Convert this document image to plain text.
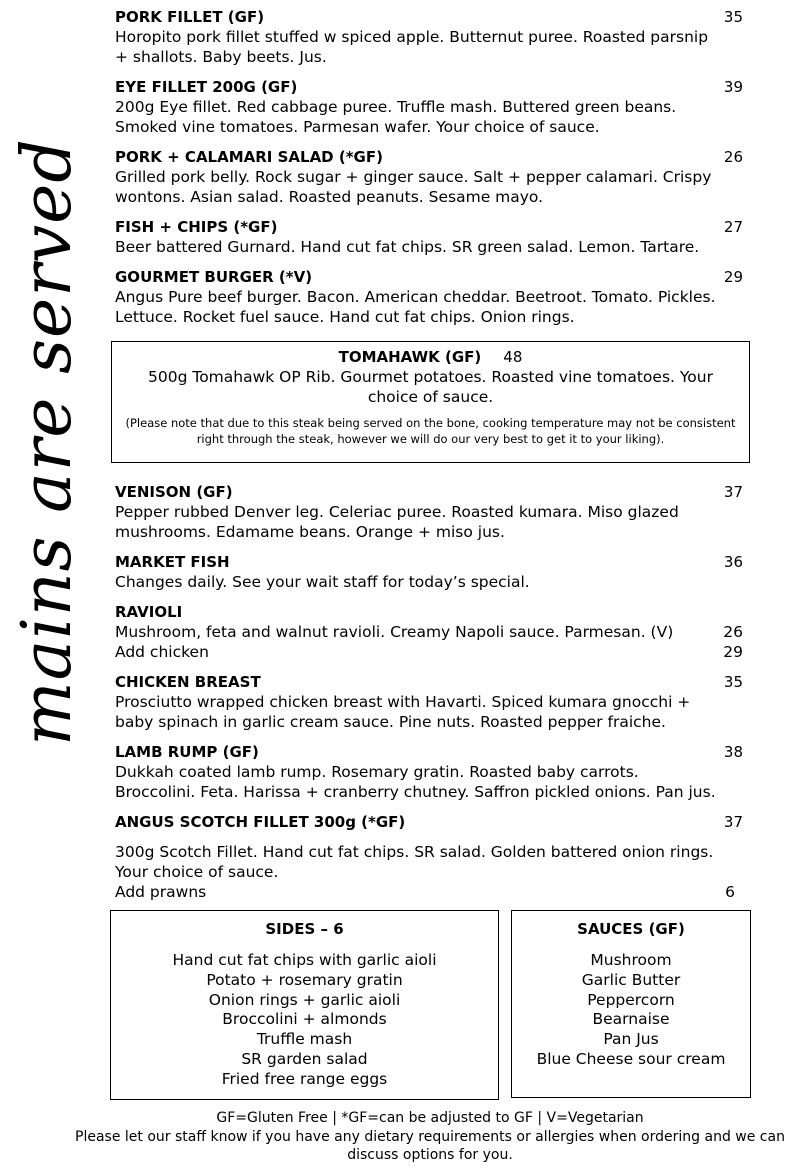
mains are served
PORK FILLET (GF)	35
Horopito pork fillet stuffed w spiced apple. Butternut puree. Roasted parsnip + shallots. Baby beets. Jus.
EYE FILLET 200G (GF)	39
200g Eye fillet. Red cabbage puree. Truffle mash. Buttered green beans. Smoked vine tomatoes. Parmesan wafer. Your choice of sauce.
PORK + CALAMARI SALAD (*GF)	26
Grilled pork belly. Rock sugar + ginger sauce. Salt + pepper calamari. Crispy wontons. Asian salad. Roasted peanuts. Sesame mayo.
FISH + CHIPS (*GF)	27
Beer battered Gurnard. Hand cut fat chips. SR green salad. Lemon. Tartare.
GOURMET BURGER (*V)	29
Angus Pure beef burger. Bacon. American cheddar. Beetroot. Tomato. Pickles. Lettuce. Rocket fuel sauce. Hand cut fat chips. Onion rings.
TOMAHAWK (GF) 48
500g Tomahawk OP Rib. Gourmet potatoes. Roasted vine tomatoes. Your choice of sauce.
(Please note that due to this steak being served on the bone, cooking temperature may not be consistent right through the steak, however we will do our very best to get it to your liking).
VENISON (GF)	37
Pepper rubbed Denver leg. Celeriac puree. Roasted kumara. Miso glazed mushrooms. Edamame beans. Orange + miso jus.
MARKET FISH	36
Changes daily. See your wait staff for today’s special.
RAVIOLI
Mushroom, feta and walnut ravioli. Creamy Napoli sauce. Parmesan. (V)	26
Add chicken	29
CHICKEN BREAST	35
Prosciutto wrapped chicken breast with Havarti. Spiced kumara gnocchi + baby spinach in garlic cream sauce. Pine nuts. Roasted pepper fraiche.
LAMB RUMP (GF)	38
Dukkah coated lamb rump. Rosemary gratin. Roasted baby carrots. Broccolini. Feta. Harissa + cranberry chutney. Saffron pickled onions. Pan jus.
ANGUS SCOTCH FILLET 300g (*GF)	37
300g Scotch Fillet. Hand cut fat chips. SR salad. Golden battered onion rings. Your choice of sauce.
Add prawns	6
SIDES – 6
Hand cut fat chips with garlic aioli
Potato + rosemary gratin
Onion rings + garlic aioli
Broccolini + almonds
Truffle mash
SR garden salad
Fried free range eggs
SAUCES (GF)
Mushroom
Garlic Butter
Peppercorn
Bearnaise
Pan Jus
Blue Cheese sour cream
GF=Gluten Free | *GF=can be adjusted to GF | V=Vegetarian
Please let our staff know if you have any dietary requirements or allergies when ordering and we can discuss options for you.
